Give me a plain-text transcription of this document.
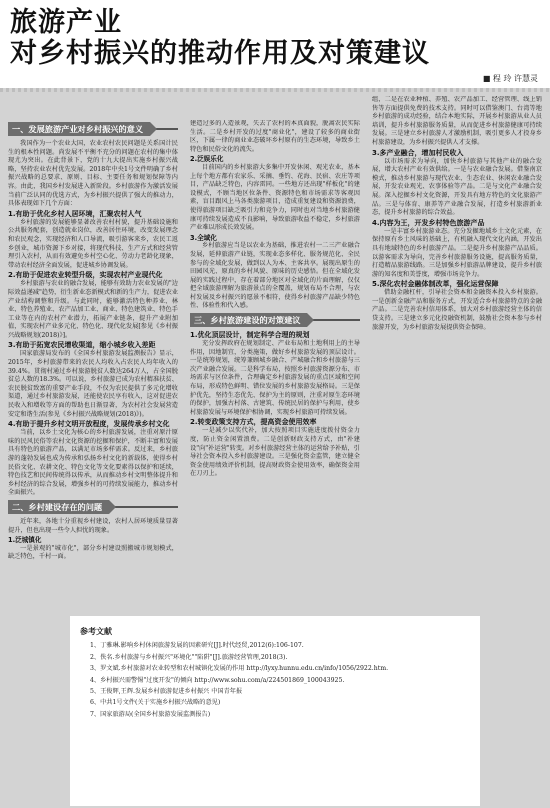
旅游产业
对乡村振兴的推动作用及对策建议
■ 程 玲 许慧灵
一、发展旅游产业对乡村振兴的意义

我国作为一个农业大国，农业农村农民问题是关系国计民生的根本性问题。尚发展不平衡不充分的问题在农村的集中体现尤为突出。在此背景下，党的十九大提出实施乡村振兴战略，坚持农业农村优先发展。2018年中央1号文件明确了乡村振兴战略的总要求、原则、目标、主要任务和规划保障等内容。由此，我国乡村发展进入新阶段。乡村旅游作为激活发展当前广泛认同的优选方式，为乡村振兴提供了强大的推动力，具体表现如下几个方面：

1.有助于优化乡村人居环境，汇聚农村人气

乡村旅游的发展能够显著改善农村村貌，提升基础设施和公共服务配套，创造就业岗位，改善居住环境，改变发展理念和农民观念，实现经济和人口导流，吸引游客来乡，农民工返乡创业，城市资源下乡对接，将现代科技、生产方式和经营管理引入农村，从而有效避免乡村空心化、劳动力老龄化现象，带动农村经济全面发展，促进城乡协调发展。

2.有助于促进农业转型升级，实现农村产业现代化

乡村旅游与农业的融合发展，能够有效助力农业发展的"边际效益递减"趋势，衍生新业态新模式和新的生产力，促进农业产业结构调整和升级。与此同时，能够激活特色种养业、林业、特色养殖业、农产品加工业、商业、特色建筑业、特色手工业等在内的农村产业潜力，拓展产业链条，提升产业附加值，实现农村产业多元化、特色化、现代化发展[参见《乡村振兴战略规划(2018)》]。

3.有助于拓宽农民增收渠道，缩小城乡收入差距

国家旅游局发布的《全国乡村旅游发展监测报告》显示，2015年，乡村旅游带来的农民人均收入占农民人均年收入的39.4%。贯彻村通过乡村旅游脱贫人数达264万人，占全国脱贫总人数的18.3%。可以说，乡村旅游已成为农村精准扶贫、农民脱贫致富的重要产业手段，不仅为农民提供了多元化增收渠道，通过乡村旅游发展，还能使农民享有收入，这对促进农民收入和增收等方面的帮助也日渐显著，为农村社会发展营造安定和谐生活(参见《乡村振兴战略规划(2018)》)。

4.有助于提升乡村文明开放程度，发展传承乡村文化

当前，以乡土文化为核心的乡村旅游发展，注重对原汁原味的民风民俗等农村文化资源的挖掘和保护，不断丰富和发展具有特色的旅游产品，以满足市场多样需求。反过来，乡村旅游的蓬勃发展也成为传承和弘扬乡村文化的新载体，使得乡村民俗文化、农耕文化、特色文化等文化要素得以保护和延续，特色技艺和民间传统得以传承，从而推动乡村文明整体提升和乡村经济的综合发展，增强乡村的可持续发展能力，推动乡村全面振兴。

二、乡村建设存在的问题

近年来，各地十分重视乡村建设，农村人居环境质量显著提升，但也出现一些令人担忧的现象。

1.泛城镇化

一是景观的"城市化"，部分乡村建设照搬城市规划模式，缺乏特色，千村一面。

建造过多的人造景观，失去了农村的本真面貌，脱离农民实际生活。二是乡村开发的过度"商业化"，建设了较多的商业街区，下属一律的商业业态破坏乡村原有的生态环境，导致乡土特色和民俗文化的流失。

2.泛娱乐化

目前国内的乡村旅游大多集中开发休闲、观光农业，基本上每个地方都有农家乐、采摘、垂钓、花海、民宿、农庄等项目，产品缺乏特色，内容雷同。一些地方还出现"样板化"的建设模式，不顾当地区位条件、资源特色和市场需求等客观因素，盲目跟风上马各类旅游项目，造成重复建设和资源浪费，使得旅游项目缺乏吸引力和竞争力，同时也对当地乡村旅游健康可持续发展造成不良影响，导致旅游收益不稳定，乡村旅游产业难以形成长效发展。

3.全域化

乡村旅游应当是以农业为基础，推进农村一二三产业融合发展，延伸旅游产业链，实现业态多样化、服务规范化、全民参与的全域化发展，做到以人为本、主客共享。展现出原生的田园风光、原真的乡村风貌、原味的历史感悟。但在全域化发展的实践过程中，存在着部分地区对全域化的片面理解，仅仅把全域旅游理解为旅游景点的全覆盖，规划布局不合理，与农村发展及乡村振兴的愿景不相符，使得乡村旅游产品缺少特色性、体验性和代入感。

三、乡村旅游建设的对策建议
1.优化顶层设计，制定科学合理的规划

充分发挥政府在规划制定、产业布局和土地利用上的主导作用，因地制宜，分类施策，做好乡村旅游发展的顶层设计。一是统筹规划，统筹兼顾城乡融合、产城融合和乡村旅游与三次产业融合发展。二是科学布局，按照乡村旅游资源分布、市场需求与区位条件，合理确定乡村旅游发展的重点区域和空间布局，形成特色鲜明、错位发展的乡村旅游发展格局。三是保护优先，坚持生态优先、保护为主的原则，注重对原生态环境的保护，加强古村落、古建筑、传统民居的保护与利用，使乡村旅游发展与环境保护相协调，实现乡村旅游可持续发展。

2.转变政策支持方式，提高资金使用效率

一是减少以奖代补，加大按照项目实施进度拨付资金力度，防止资金闲置浪费。二是创新财政支持方式，由"补建设"向"补运营"转变。对乡村旅游经营主体的运营给予补贴，引导社会资本投入乡村旅游建设。三是强化资金监管，建立健全资金使用绩效评价机制，提高财政资金使用效率，确保资金用在刀刃上。

组，二是在农业种植、养殖、农产品加工、经营管理、线上销售等方面提供免费的技术支持。同时可以借鉴澳门、台湾等地乡村旅游的成功经验，结合本地实际，开展乡村旅游从业人员培训，提升乡村旅游服务质量，从而促进乡村旅游健康可持续发展。三是建立乡村旅游人才激励机制，吸引更多人才投身乡村旅游建设，为乡村振兴提供人才支撑。

3.多产业融合，增加村民收入

以市场需求为导向，加快乡村旅游与其他产业的融合发展，增大农村产业有效供给。一是与农业融合发展。借鉴南京模式，推动乡村旅游与现代农业、生态农业、休闲农业融合发展，开发农业观光、农事体验等产品。二是与文化产业融合发展。深入挖掘乡村文化资源，开发具有地方特色的文化旅游产品。三是与体育、康养等产业融合发展，打造乡村旅游新业态，提升乡村旅游的综合效益。

4.内容为王，开发乡村特色旅游产品

一是丰富乡村旅游业态。充分发掘地域乡土文化元素，在保持原有乡土风味的基础上，有机融入现代文化内涵，开发出具有地域特色的乡村旅游产品。二是提升乡村旅游产品品质。以游客需求为导向，完善乡村旅游服务设施，提高服务质量，打造精品旅游线路。三是加强乡村旅游品牌建设，提升乡村旅游的知名度和美誉度，增强市场竞争力。

5.深化农村金融体制改革，强化运营保障

借助金融杠杆，引导社会资本和金融资本投入乡村旅游。一是创新金融产品和服务方式，开发适合乡村旅游特点的金融产品。二是完善农村信用体系，加大对乡村旅游经营主体的信贷支持。三是建立多元化投融资机制，鼓励社会资本参与乡村旅游开发，为乡村旅游发展提供资金保障。

参考文献
1、丁雅琳.影响乡村休闲旅游发展的因素研究[J].时代经贸,2012(6):106-107.
2、佚名.乡村旅游与乡村振兴"环境化""陷阱"[J].旅游经营管理,2018(3).
3、罗文斌.乡村旅游对农业转型和农村城镇化发展的作用 http://lyxy.hunnu.edu.cn/info/1056/2922.htm.
4、乡村振兴需警惕"过度开发"的倾向 http://www.sohu.com/a/224501869_100043925.
5、王俊辉,王辉.发展乡村旅游促进乡村振兴 中国青年报
6、中共1号文件(关于实施乡村振兴战略的意见)
7、国家旅游局(全国乡村旅游发展监测报告)
